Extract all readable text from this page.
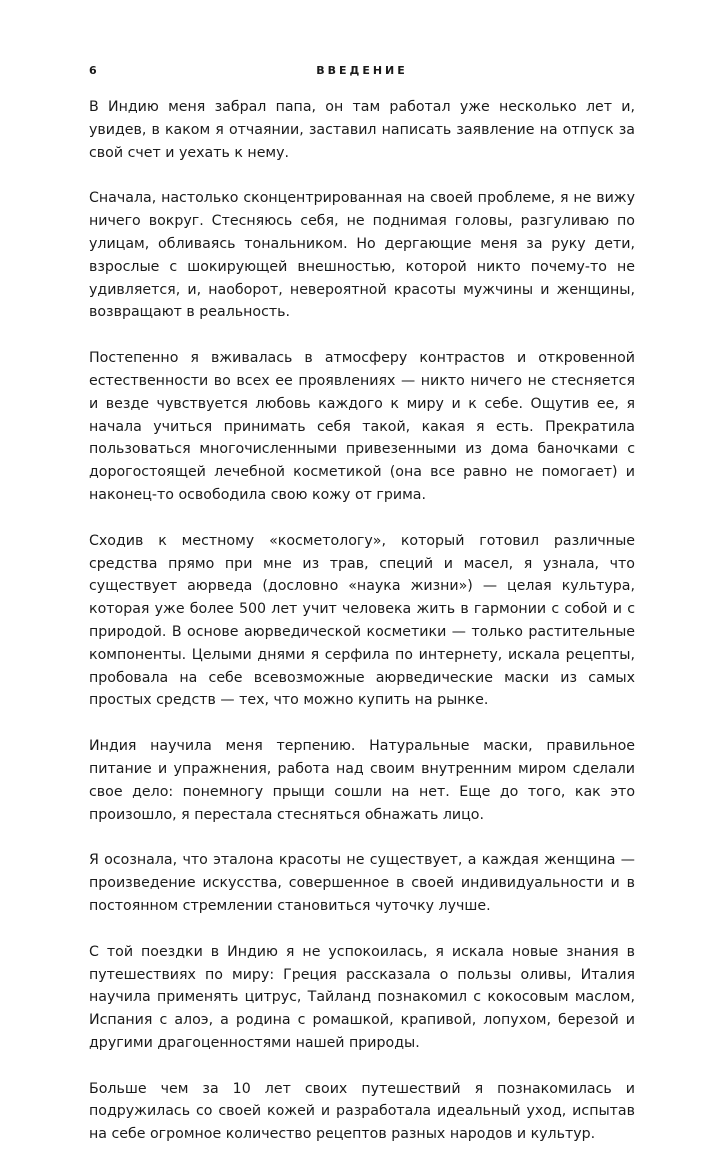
6	ВВЕДЕНИЕ

В Индию меня забрал папа, он там работал уже несколько лет и, увидев, в каком я отчаянии, заставил написать заявление на отпуск за свой счет и уехать к нему.

Сначала, настолько сконцентрированная на своей проблеме, я не вижу ничего вокруг. Стесняюсь себя, не поднимая головы, разгуливаю по улицам, обливаясь тональником. Но дергающие меня за руку дети, взрослые с шокирующей внешностью, которой никто почему-то не удивляется, и, наоборот, невероятной красоты мужчины и женщины, возвращают в реальность.

Постепенно я вживалась в атмосферу контрастов и откровенной естественности во всех ее проявлениях — никто ничего не стесняется и везде чувствуется любовь каждого к миру и к себе. Ощутив ее, я начала учиться принимать себя такой, какая я есть. Прекратила пользоваться многочисленными привезенными из дома баночками с дорогостоящей лечебной косметикой (она все равно не помогает) и наконец-то освободила свою кожу от грима.

Сходив к местному «косметологу», который готовил различные средства прямо при мне из трав, специй и масел, я узнала, что существует аюрведа (дословно «наука жизни») — целая культура, которая уже более 500 лет учит человека жить в гармонии с собой и с природой. В основе аюрведической косметики — только растительные компоненты. Целыми днями я серфила по интернету, искала рецепты, пробовала на себе всевозможные аюрведические маски из самых простых средств — тех, что можно купить на рынке.

Индия научила меня терпению. Натуральные маски, правильное питание и упражнения, работа над своим внутренним миром сделали свое дело: понемногу прыщи сошли на нет. Еще до того, как это произошло, я перестала стесняться обнажать лицо.

Я осознала, что эталона красоты не существует, а каждая женщина — произведение искусства, совершенное в своей индивидуальности и в постоянном стремлении становиться чуточку лучше.

С той поездки в Индию я не успокоилась, я искала новые знания в путешествиях по миру: Греция рассказала о пользы оливы, Италия научила применять цитрус, Тайланд познакомил с кокосовым маслом, Испания с алоэ, а родина с ромашкой, крапивой, лопухом, березой и другими драгоценностями нашей природы.

Больше чем за 10 лет своих путешествий я познакомилась и подружилась со своей кожей и разработала идеальный уход, испытав на себе огромное количество рецептов разных народов и культур.
